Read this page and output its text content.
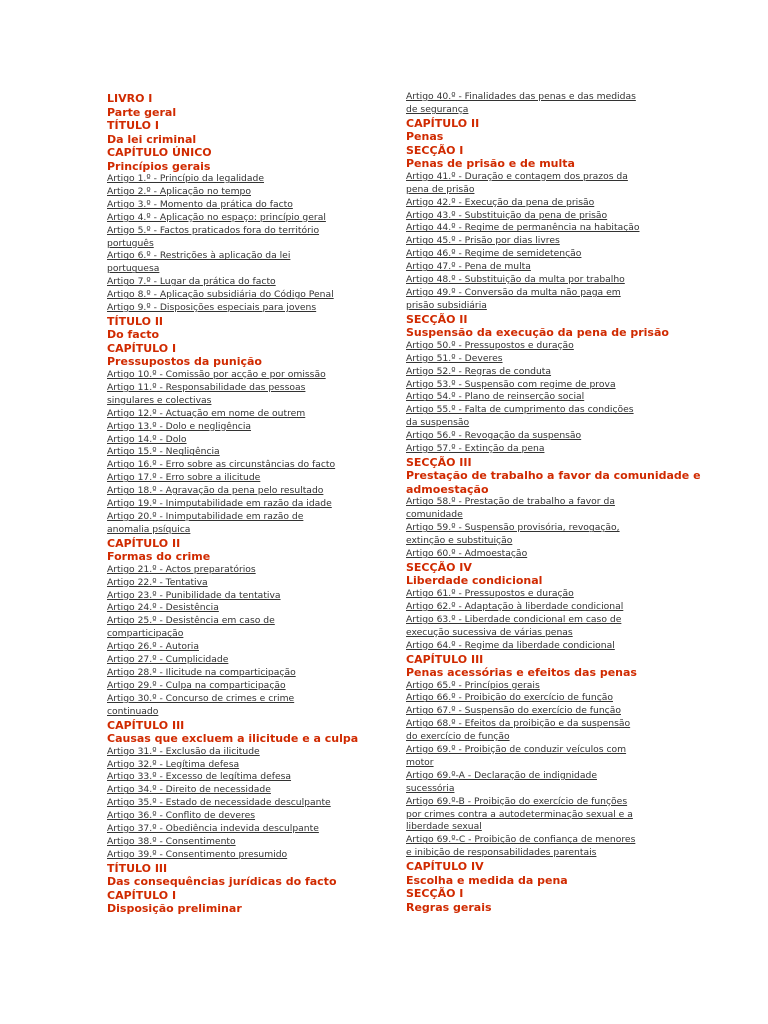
LIVRO I
Parte geral
TÍTULO I
Da lei criminal
CAPÍTULO ÚNICO
Princípios gerais
Artigo 1.º - Princípio da legalidade
Artigo 2.º - Aplicação no tempo
Artigo 3.º - Momento da prática do facto
Artigo 4.º - Aplicação no espaço: princípio geral
Artigo 5.º - Factos praticados fora do território
português
Artigo 6.º - Restrições à aplicação da lei
portuguesa
Artigo 7.º - Lugar da prática do facto
Artigo 8.º - Aplicação subsidiária do Código Penal
Artigo 9.º - Disposições especiais para jovens
TÍTULO II
Do facto
CAPÍTULO I
Pressupostos da punição
Artigo 10.º - Comissão por acção e por omissão
Artigo 11.º - Responsabilidade das pessoas
singulares e colectivas
Artigo 12.º - Actuação em nome de outrem
Artigo 13.º - Dolo e negligência
Artigo 14.º - Dolo
Artigo 15.º - Negligência
Artigo 16.º - Erro sobre as circunstâncias do facto
Artigo 17.º - Erro sobre a ilicitude
Artigo 18.º - Agravação da pena pelo resultado
Artigo 19.º - Inimputabilidade em razão da idade
Artigo 20.º - Inimputabilidade em razão de
anomalia psíquica
CAPÍTULO II
Formas do crime
Artigo 21.º - Actos preparatórios
Artigo 22.º - Tentativa
Artigo 23.º - Punibilidade da tentativa
Artigo 24.º - Desistência
Artigo 25.º - Desistência em caso de
comparticipação
Artigo 26.º - Autoria
Artigo 27.º - Cumplicidade
Artigo 28.º - Ilicitude na comparticipação
Artigo 29.º - Culpa na comparticipação
Artigo 30.º - Concurso de crimes e crime
continuado
CAPÍTULO III
Causas que excluem a ilicitude e a culpa
Artigo 31.º - Exclusão da ilicitude
Artigo 32.º - Legítima defesa
Artigo 33.º - Excesso de legítima defesa
Artigo 34.º - Direito de necessidade
Artigo 35.º - Estado de necessidade desculpante
Artigo 36.º - Conflito de deveres
Artigo 37.º - Obediência indevida desculpante
Artigo 38.º - Consentimento
Artigo 39.º - Consentimento presumido
TÍTULO III
Das consequências jurídicas do facto
CAPÍTULO I
Disposição preliminar
Artigo 40.º - Finalidades das penas e das medidas
de segurança
CAPÍTULO II
Penas
SECÇÃO I
Penas de prisão e de multa
Artigo 41.º - Duração e contagem dos prazos da
pena de prisão
Artigo 42.º - Execução da pena de prisão
Artigo 43.º - Substituição da pena de prisão
Artigo 44.º - Regime de permanência na habitação
Artigo 45.º - Prisão por dias livres
Artigo 46.º - Regime de semidetenção
Artigo 47.º - Pena de multa
Artigo 48.º - Substituição da multa por trabalho
Artigo 49.º - Conversão da multa não paga em
prisão subsidiária
SECÇÃO II
Suspensão da execução da pena de prisão
Artigo 50.º - Pressupostos e duração
Artigo 51.º - Deveres
Artigo 52.º - Regras de conduta
Artigo 53.º - Suspensão com regime de prova
Artigo 54.º - Plano de reinserção social
Artigo 55.º - Falta de cumprimento das condições
da suspensão
Artigo 56.º - Revogação da suspensão
Artigo 57.º - Extinção da pena
SECÇÃO III
Prestação de trabalho a favor da comunidade e admoestação
Artigo 58.º - Prestação de trabalho a favor da
comunidade
Artigo 59.º - Suspensão provisória, revogação,
extinção e substituição
Artigo 60.º - Admoestação
SECÇÃO IV
Liberdade condicional
Artigo 61.º - Pressupostos e duração
Artigo 62.º - Adaptação à liberdade condicional
Artigo 63.º - Liberdade condicional em caso de
execução sucessiva de várias penas
Artigo 64.º - Regime da liberdade condicional
CAPÍTULO III
Penas acessórias e efeitos das penas
Artigo 65.º - Princípios gerais
Artigo 66.º - Proibição do exercício de função
Artigo 67.º - Suspensão do exercício de função
Artigo 68.º - Efeitos da proibição e da suspensão
do exercício de função
Artigo 69.º - Proibição de conduzir veículos com
motor
Artigo 69.º-A - Declaração de indignidade
sucessória
Artigo 69.º-B - Proibição do exercício de funções
por crimes contra a autodeterminação sexual e a
liberdade sexual
Artigo 69.º-C - Proibição de confiança de menores
e inibição de responsabilidades parentais
CAPÍTULO IV
Escolha e medida da pena
SECÇÃO I
Regras gerais
